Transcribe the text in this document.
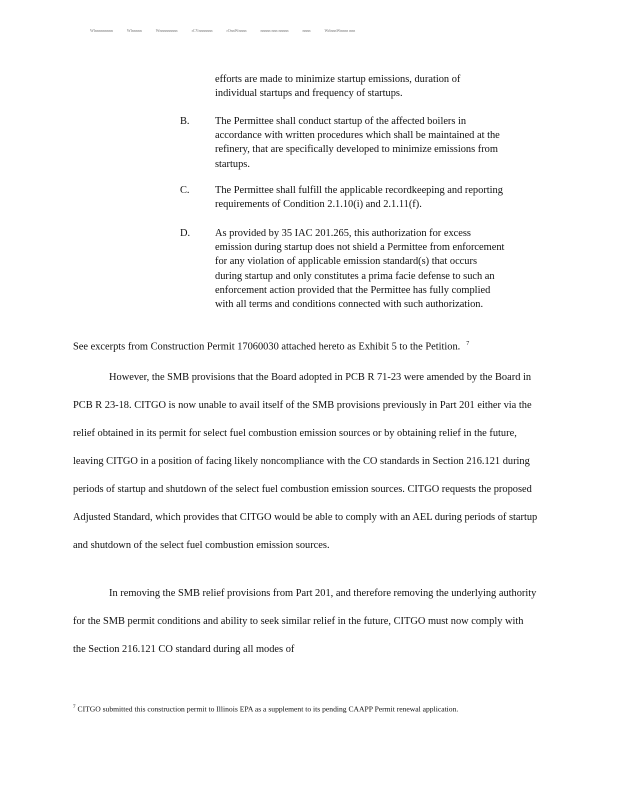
Wlnnnnnnnnn	Wlnnnnn	Wnnnnnnnnn	rCVnnnnnnn	rOnnWnnnn	nnnnn nnn nnnnn	nnnn	WrlnnnWnnnn nnn
efforts are made to minimize startup emissions, duration of individual startups and frequency of startups.
B.	The Permittee shall conduct startup of the affected boilers in accordance with written procedures which shall be maintained at the refinery, that are specifically developed to minimize emissions from startups.
C.	The Permittee shall fulfill the applicable recordkeeping and reporting requirements of Condition 2.1.10(i) and 2.1.11(f).
D.	As provided by 35 IAC 201.265, this authorization for excess emission during startup does not shield a Permittee from enforcement for any violation of applicable emission standard(s) that occurs during startup and only constitutes a prima facie defense to such an enforcement action provided that the Permittee has fully complied with all terms and conditions connected with such authorization.
See excerpts from Construction Permit 17060030 attached hereto as Exhibit 5 to the Petition. $^7$
However, the SMB provisions that the Board adopted in PCB R 71-23 were amended by the Board in PCB R 23-18. CITGO is now unable to avail itself of the SMB provisions previously in Part 201 either via the relief obtained in its permit for select fuel combustion emission sources or by obtaining relief in the future, leaving CITGO in a position of facing likely noncompliance with the CO standards in Section 216.121 during periods of startup and shutdown of the select fuel combustion emission sources. CITGO requests the proposed Adjusted Standard, which provides that CITGO would be able to comply with an AEL during periods of startup and shutdown of the select fuel combustion emission sources.
In removing the SMB relief provisions from Part 201, and therefore removing the underlying authority for the SMB permit conditions and ability to seek similar relief in the future, CITGO must now comply with the Section 216.121 CO standard during all modes of
$^7$ CITGO submitted this construction permit to Illinois EPA as a supplement to its pending CAAPP Permit renewal application.
